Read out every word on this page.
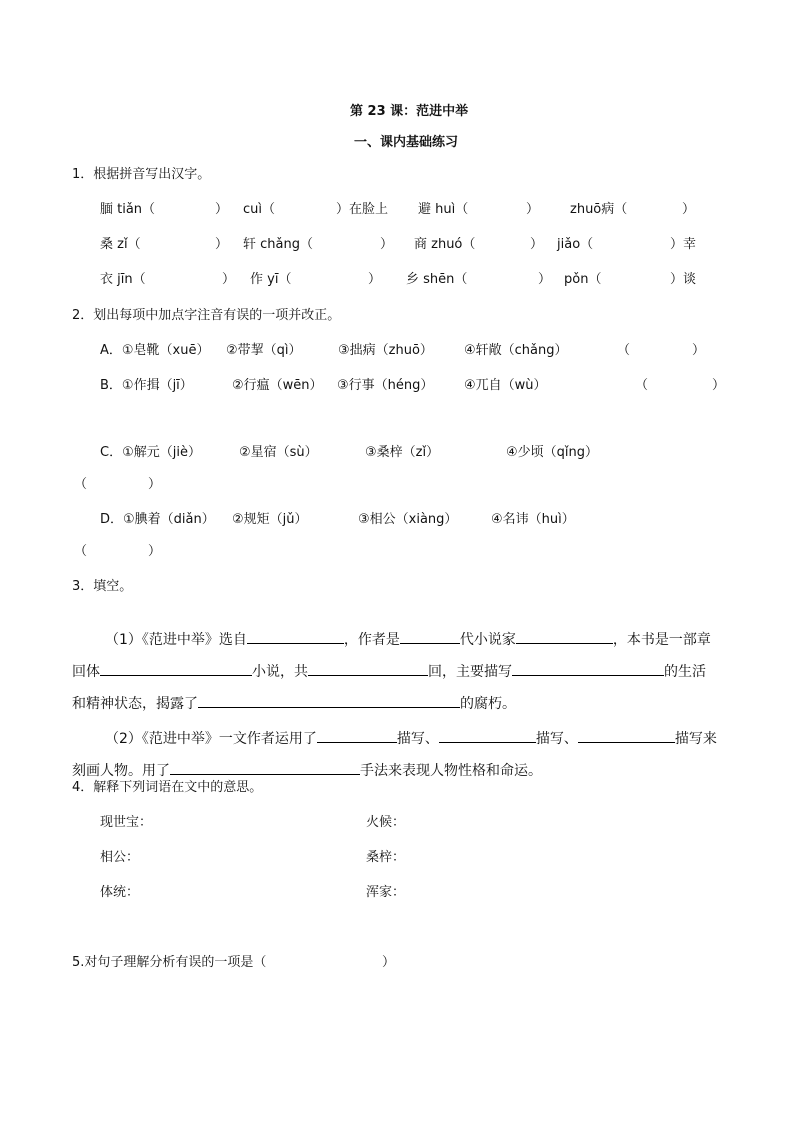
第 23 课：范进中举
一、课内基础练习
1．根据拼音写出汉字。
腼 tiǎn（	） cuì（	）在脸上 避 huì（	） zhuō病（	）
桑 zǐ（	） 轩 chǎng（	） 商 zhuó（	） jiǎo（	）幸
衣 jīn（	） 作 yī（	） 乡 shēn（	） pǒn（	）谈
2．划出每项中加点字注音有误的一项并改正。
A．①皂靴（xuē） ②带挈（qì）	③拙病（zhuō） ④轩敞（chǎng）	（	）
B．①作揖（jī）	②行瘟（wēn） ③行事（héng） ④兀自（wù）	（	）
C．①解元（jiè）	②星宿（sù）	③桑梓（zǐ）	④少顷（qǐng）
（	）
D．①腆着（diǎn） ②规矩（jǔ）	③相公（xiàng）	④名讳（huì）
（	）
3．填空。

（1）《范进中举》选自	，作者是	代小说家	，本书是一部章

回体	小说，共	回，主要描写	的生活

和精神状态，揭露了	的腐朽。

（2）《范进中举》一文作者运用了	描写、	描写、	描写来

刻画人物。用了	手法来表现人物性格和命运。

4．解释下列词语在文中的意思。
现世宝：	火候：
相公：	桑梓：
体统：	浑家：
5.对句子理解分析有误的一项是（	）
